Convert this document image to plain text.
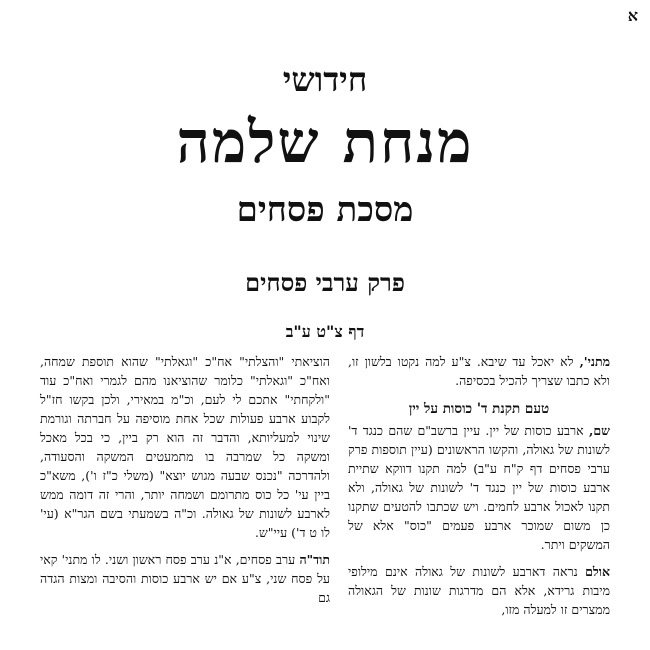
א
חידושי
מנחת שלמה
מסכת פסחים
פרק ערבי פסחים
דף צ"ט ע"ב

מתני', לא יאכל עד שיבא. צ"ע למה נקטו בלשון זו, ולא כתבו שצריך להכיל בכסיפה.

טעם תקנת ד' כוסות על יין

שם, ארבע כוסות של יין. עיין ברשב"ם שהם כנגד ד' לשונות של גאולה, והקשו הראשונים (עיין תוספות פרק ערבי פסחים דף ק"ח ע"ב) למה תקנו דווקא שתיית ארבע כוסות של יין כנגד ד' לשונות של גאולה, ולא תקנו לאכול ארבע לחמים. ויש שכתבו להטעים שתקנו כן משום שמוכר ארבע פעמים "כוס" אלא של המשקים ויתר.

אולם נראה דארבע לשונות של גאולה אינם מילופי מיבות גרידא, אלא הם מדרגות שונות של הגאולה ממצרים זו למעלה מזו,

הוציאתי "והצלתי" אח"כ "וגאלתי" שהוא תוספת שמחה, ואח"כ "וגאלתי" כלומר שהוציאנו מהם לגמרי ואח"כ עוד "ולקחתי" אתכם לי לעם, וכ"מ במאירי, ולכן בקשו חז"ל לקבוע ארבע פעולות שכל אחת מוסיפה על חברתה וגורמת שינוי למעליותא, והדבר זה הוא רק ביין, כי בכל מאכל ומשקה כל שמרבה בו מתמעטים המשקה והסעודה, ולהדרכה "נכנס שבעה מגוש יוצא" (משלי כ"ז ו'), משא"כ ביין עי' כל כוס מתרומם ושמחה יותר, והרי זה דומה ממש לארבע לשונות של גאולה. וכ"ה בשמעתי בשם הגר"א (עי' לו ט ד') עיי"ש.

תוד"ה ערב פסחים, א"נ ערב פסח ראשון ושני. לו מתני' קאי על פסח שני, צ"ע אם יש ארבע כוסות והסיבה ומצות הגדה גם
